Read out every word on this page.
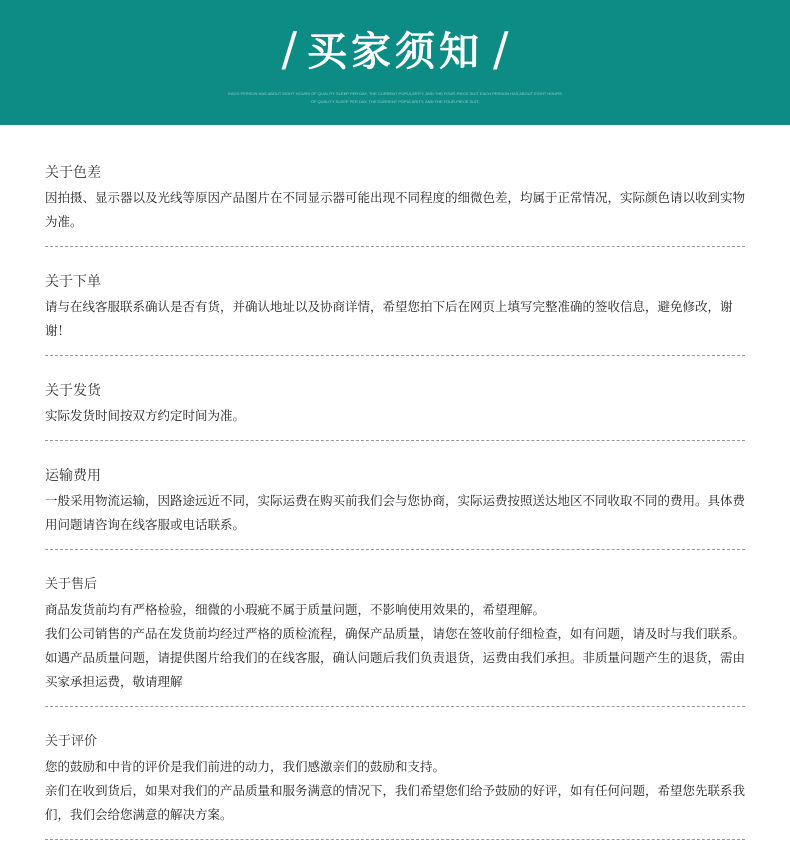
/ 买家须知 /
EACH PERSON HAS ABOUT EIGHT HOURS OF QUALITY SLEEP PER DAY, THE CURRENT POPULARITY, AND THE FOUR-PIECE SUIT EACH PERSON HAS ABOUT EIGHT HOURS
OF QUALITY SLEEP PER DAY, THE CURRENT POPULARITY, AND THE FOUR-PIECE SUIT.
关于色差

因拍摄、显示器以及光线等原因产品图片在不同显示器可能出现不同程度的细微色差，均属于正常情况，实际颜色请以收到实物为准。

关于下单

请与在线客服联系确认是否有货，并确认地址以及协商详情，希望您拍下后在网页上填写完整准确的签收信息，避免修改，谢谢！

关于发货

实际发货时间按双方约定时间为准。

运输费用

一般采用物流运输，因路途远近不同，实际运费在购买前我们会与您协商，实际运费按照送达地区不同收取不同的费用。具体费用问题请咨询在线客服或电话联系。

关于售后

商品发货前均有严格检验，细微的小瑕疵不属于质量问题，不影响使用效果的，希望理解。

我们公司销售的产品在发货前均经过严格的质检流程，确保产品质量，请您在签收前仔细检查，如有问题，请及时与我们联系。

如遇产品质量问题，请提供图片给我们的在线客服，确认问题后我们负责退货，运费由我们承担。非质量问题产生的退货，需由买家承担运费，敬请理解

关于评价

您的鼓励和中肯的评价是我们前进的动力，我们感激亲们的鼓励和支持。

亲们在收到货后，如果对我们的产品质量和服务满意的情况下，我们希望您们给予鼓励的好评，如有任何问题，希望您先联系我们，我们会给您满意的解决方案。
